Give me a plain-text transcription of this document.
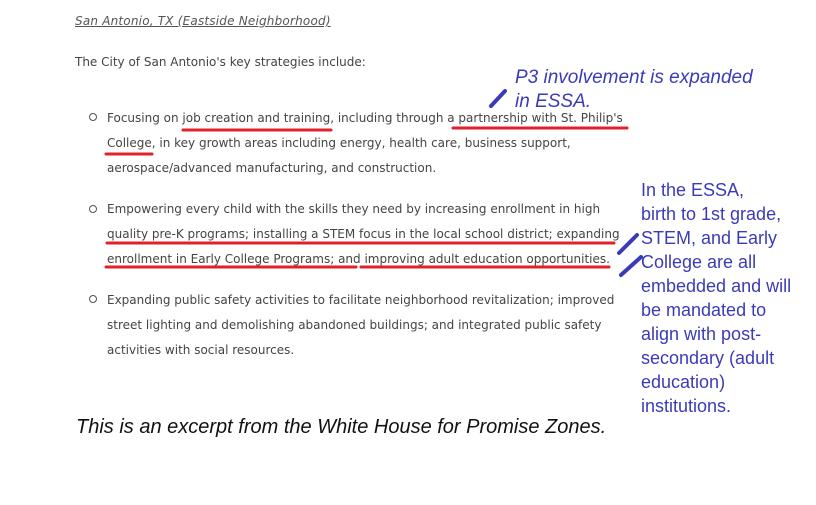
San Antonio, TX (Eastside Neighborhood)
The City of San Antonio's key strategies include:
Focusing on job creation and training, including through a partnership with St. Philip's
College, in key growth areas including energy, health care, business support,
aerospace/advanced manufacturing, and construction.
Empowering every child with the skills they need by increasing enrollment in high
quality pre-K programs; installing a STEM focus in the local school district; expanding
enrollment in Early College Programs; and improving adult education opportunities.
Expanding public safety activities to facilitate neighborhood revitalization; improved
street lighting and demolishing abandoned buildings; and integrated public safety
activities with social resources.
P3 involvement is expanded
in ESSA.
In the ESSA,
birth to 1st grade,
STEM, and Early
College are all
embedded and will
be mandated to
align with post-
secondary (adult
education)
institutions.
This is an excerpt from the White House for Promise Zones.
